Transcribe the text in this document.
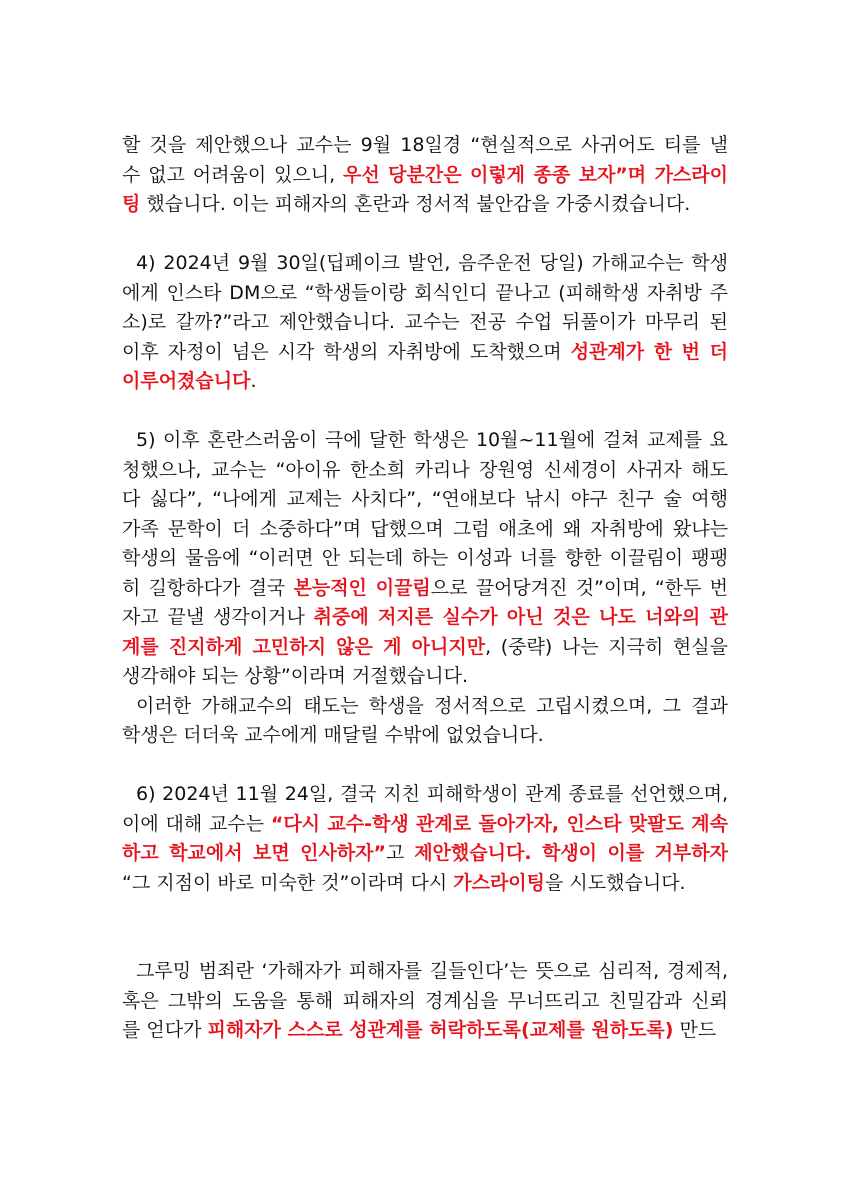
할 것을 제안했으나 교수는 9월 18일경 “현실적으로 사귀어도 티를 낼
수 없고 어려움이 있으니, 우선 당분간은 이렇게 종종 보자”며 가스라이
팅 했습니다. 이는 피해자의 혼란과 정서적 불안감을 가중시켰습니다.
4) 2024년 9월 30일(딥페이크 발언, 음주운전 당일) 가해교수는 학생
에게 인스타 DM으로 “학생들이랑 회식인디 끝나고 (피해학생 자취방 주
소)로 갈까?”라고 제안했습니다. 교수는 전공 수업 뒤풀이가 마무리 된
이후 자정이 넘은 시각 학생의 자취방에 도착했으며 성관계가 한 번 더
이루어졌습니다.
5) 이후 혼란스러움이 극에 달한 학생은 10월~11월에 걸쳐 교제를 요
청했으나, 교수는 “아이유 한소희 카리나 장원영 신세경이 사귀자 해도
다 싫다”, “나에게 교제는 사치다”, “연애보다 낚시 야구 친구 술 여행
가족 문학이 더 소중하다”며 답했으며 그럼 애초에 왜 자취방에 왔냐는
학생의 물음에 “이러면 안 되는데 하는 이성과 너를 향한 이끌림이 팽팽
히 길항하다가 결국 본능적인 이끌림으로 끌어당겨진 것”이며, “한두 번
자고 끝낼 생각이거나 취중에 저지른 실수가 아닌 것은 나도 너와의 관
계를 진지하게 고민하지 않은 게 아니지만, (중략) 나는 지극히 현실을
생각해야 되는 상황”이라며 거절했습니다.
이러한 가해교수의 태도는 학생을 정서적으로 고립시켰으며, 그 결과
학생은 더더욱 교수에게 매달릴 수밖에 없었습니다.
6) 2024년 11월 24일, 결국 지친 피해학생이 관계 종료를 선언했으며,
이에 대해 교수는 “다시 교수-학생 관계로 돌아가자, 인스타 맞팔도 계속
하고 학교에서 보면 인사하자”고 제안했습니다. 학생이 이를 거부하자
“그 지점이 바로 미숙한 것”이라며 다시 가스라이팅을 시도했습니다.
그루밍 범죄란 ‘가해자가 피해자를 길들인다’는 뜻으로 심리적, 경제적,
혹은 그밖의 도움을 통해 피해자의 경계심을 무너뜨리고 친밀감과 신뢰
를 얻다가 피해자가 스스로 성관계를 허락하도록(교제를 원하도록) 만드
